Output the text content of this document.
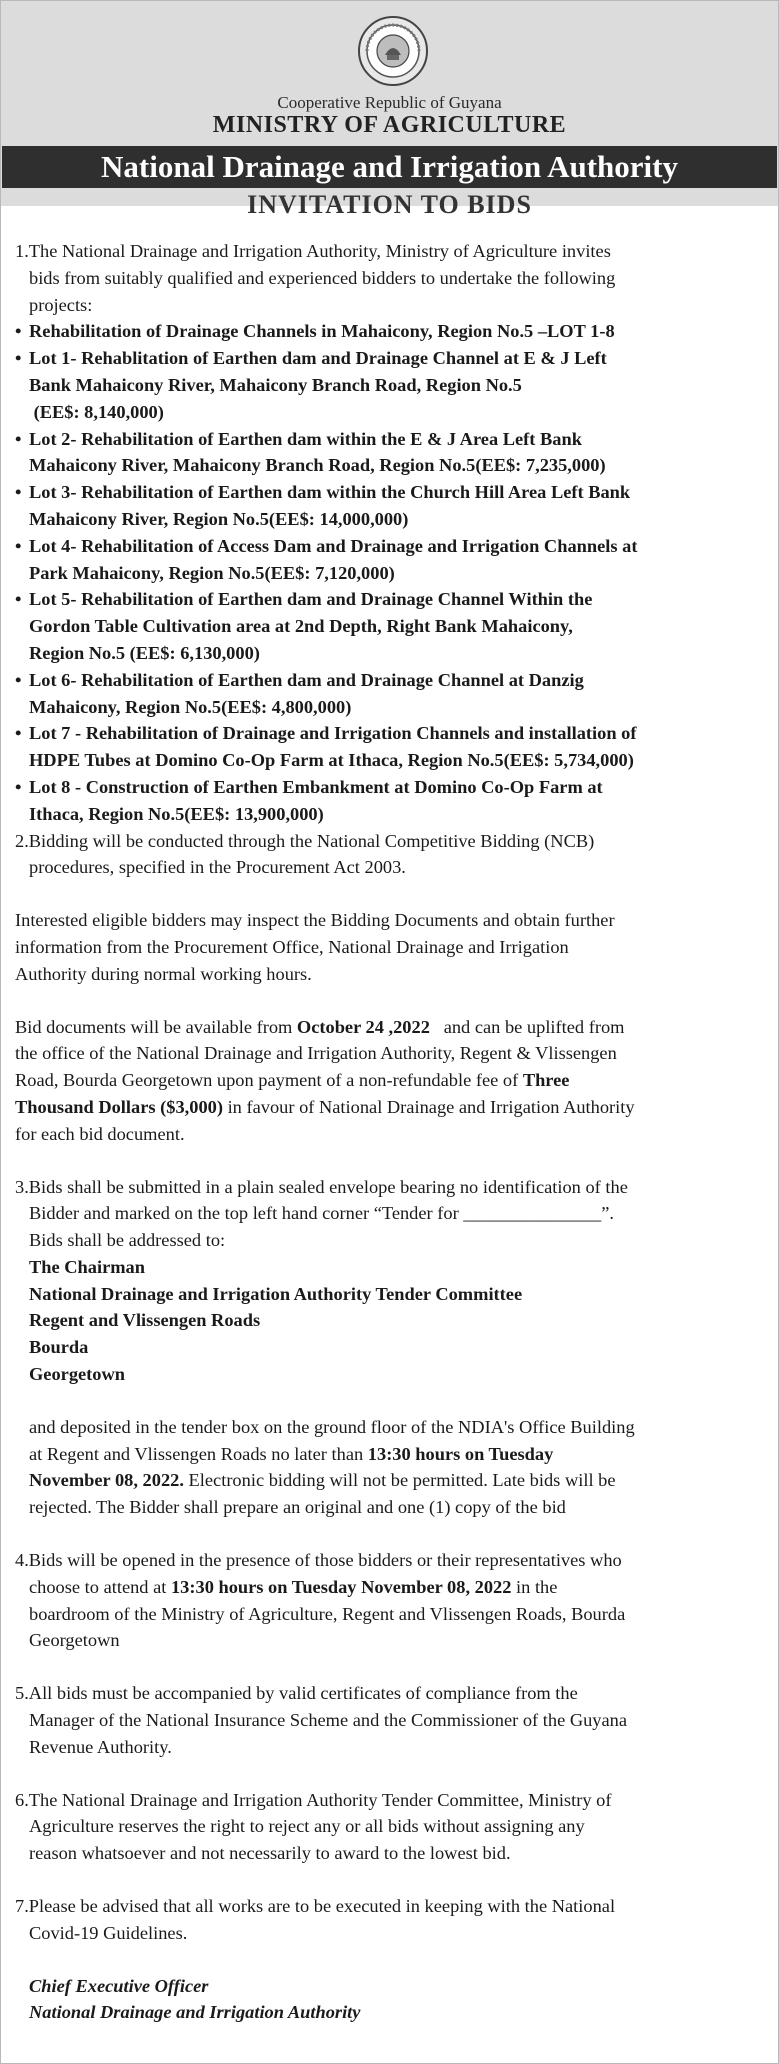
Cooperative Republic of Guyana
MINISTRY OF AGRICULTURE
National Drainage and Irrigation Authority
INVITATION TO BIDS

1.The National Drainage and Irrigation Authority, Ministry of Agriculture invites
bids from suitably qualified and experienced bidders to undertake the following
projects:

• Rehabilitation of Drainage Channels in Mahaicony, Region No.5 –LOT 1-8

• Lot 1- Rehablitation of Earthen dam and Drainage Channel at E & J Left
Bank Mahaicony River, Mahaicony Branch Road, Region No.5
(EE$: 8,140,000)

• Lot 2- Rehabilitation of Earthen dam within the E & J Area Left Bank
Mahaicony River, Mahaicony Branch Road, Region No.5(EE$: 7,235,000)

• Lot 3- Rehabilitation of Earthen dam within the Church Hill Area Left Bank
Mahaicony River, Region No.5(EE$: 14,000,000)

• Lot 4- Rehabilitation of Access Dam and Drainage and Irrigation Channels at
Park Mahaicony, Region No.5(EE$: 7,120,000)

• Lot 5- Rehabilitation of Earthen dam and Drainage Channel Within the
Gordon Table Cultivation area at 2nd Depth, Right Bank Mahaicony,
Region No.5 (EE$: 6,130,000)

• Lot 6- Rehabilitation of Earthen dam and Drainage Channel at Danzig
Mahaicony, Region No.5(EE$: 4,800,000)

• Lot 7 - Rehabilitation of Drainage and Irrigation Channels and installation of
HDPE Tubes at Domino Co-Op Farm at Ithaca, Region No.5(EE$: 5,734,000)

• Lot 8 - Construction of Earthen Embankment at Domino Co-Op Farm at
Ithaca, Region No.5(EE$: 13,900,000)

2.Bidding will be conducted through the National Competitive Bidding (NCB)
procedures, specified in the Procurement Act 2003.

Interested eligible bidders may inspect the Bidding Documents and obtain further
information from the Procurement Office, National Drainage and Irrigation
Authority during normal working hours.

Bid documents will be available from October 24 ,2022   and can be uplifted from
the office of the National Drainage and Irrigation Authority, Regent & Vlissengen
Road, Bourda Georgetown upon payment of a non-refundable fee of Three
Thousand Dollars ($3,000) in favour of National Drainage and Irrigation Authority
for each bid document.

3.Bids shall be submitted in a plain sealed envelope bearing no identification of the
Bidder and marked on the top left hand corner “Tender for _______________”.
Bids shall be addressed to:

The Chairman
National Drainage and Irrigation Authority Tender Committee
Regent and Vlissengen Roads
Bourda
Georgetown

and deposited in the tender box on the ground floor of the NDIA's Office Building
at Regent and Vlissengen Roads no later than 13:30 hours on Tuesday
November 08, 2022. Electronic bidding will not be permitted. Late bids will be
rejected. The Bidder shall prepare an original and one (1) copy of the bid

4.Bids will be opened in the presence of those bidders or their representatives who
choose to attend at 13:30 hours on Tuesday November 08, 2022 in the
boardroom of the Ministry of Agriculture, Regent and Vlissengen Roads, Bourda
Georgetown

5.All bids must be accompanied by valid certificates of compliance from the
Manager of the National Insurance Scheme and the Commissioner of the Guyana
Revenue Authority.

6.The National Drainage and Irrigation Authority Tender Committee, Ministry of
Agriculture reserves the right to reject any or all bids without assigning any
reason whatsoever and not necessarily to award to the lowest bid.

7.Please be advised that all works are to be executed in keeping with the National
Covid-19 Guidelines.

Chief Executive Officer
National Drainage and Irrigation Authority
